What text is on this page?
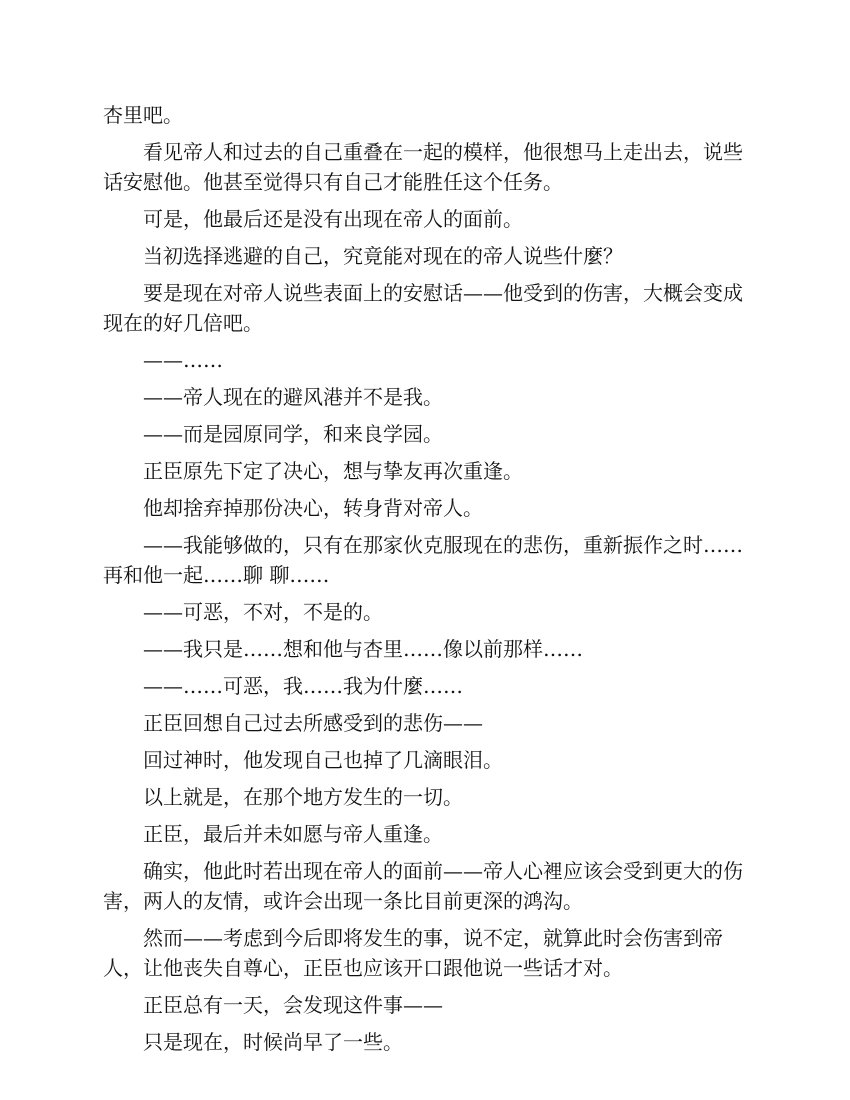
杏里吧。

看见帝人和过去的自己重叠在一起的模样，他很想马上走出去，说些话安慰他。他甚至觉得只有自己才能胜任这个任务。

可是，他最后还是没有出现在帝人的面前。

当初选择逃避的自己，究竟能对现在的帝人说些什麼？

要是现在对帝人说些表面上的安慰话——他受到的伤害，大概会变成现在的好几倍吧。

——……

——帝人现在的避风港并不是我。

——而是园原同学，和来良学园。

正臣原先下定了决心，想与挚友再次重逢。

他却捨弃掉那份决心，转身背对帝人。

——我能够做的，只有在那家伙克服现在的悲伤，重新振作之时……再和他一起……聊 聊……

——可恶，不对，不是的。

——我只是……想和他与杏里……像以前那样……

——……可恶，我……我为什麼……

正臣回想自己过去所感受到的悲伤——

回过神时，他发现自己也掉了几滴眼泪。

以上就是，在那个地方发生的一切。

正臣，最后并未如愿与帝人重逢。

确实，他此时若出现在帝人的面前——帝人心裡应该会受到更大的伤害，两人的友情，或许会出现一条比目前更深的鸿沟。

然而——考虑到今后即将发生的事，说不定，就算此时会伤害到帝人，让他丧失自尊心，正臣也应该开口跟他说一些话才对。

正臣总有一天，会发现这件事——

只是现在，时候尚早了一些。
